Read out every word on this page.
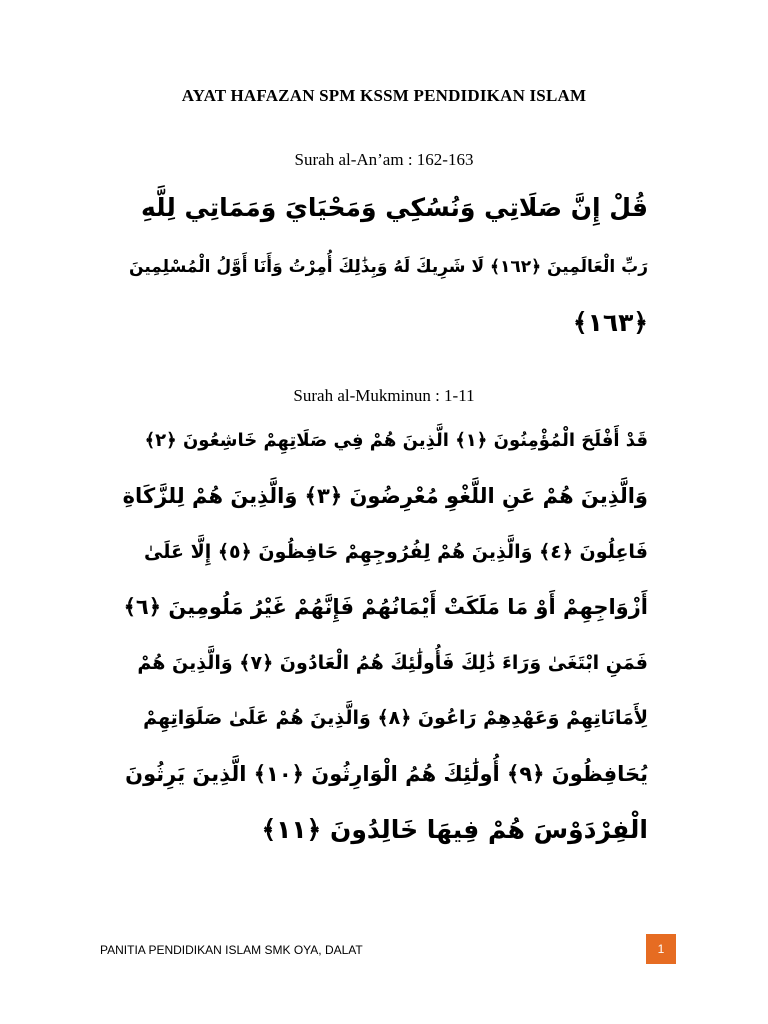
AYAT HAFAZAN SPM KSSM PENDIDIKAN ISLAM
Surah al-An’am : 162-163
قُلْ إِنَّ صَلَاتِي وَنُسُكِي وَمَحْيَايَ وَمَمَاتِي لِلَّهِ
رَبِّ الْعَالَمِينَ ﴿١٦٢﴾ لَا شَرِيكَ لَهُ وَبِذَٰلِكَ أُمِرْتُ وَأَنَا أَوَّلُ الْمُسْلِمِينَ
﴿١٦٣﴾
Surah al-Mukminun : 1-11
قَدْ أَفْلَحَ الْمُؤْمِنُونَ ﴿١﴾ الَّذِينَ هُمْ فِي صَلَاتِهِمْ خَاشِعُونَ ﴿٢﴾
وَالَّذِينَ هُمْ عَنِ اللَّغْوِ مُعْرِضُونَ ﴿٣﴾ وَالَّذِينَ هُمْ لِلزَّكَاةِ
فَاعِلُونَ ﴿٤﴾ وَالَّذِينَ هُمْ لِفُرُوجِهِمْ حَافِظُونَ ﴿٥﴾ إِلَّا عَلَىٰ
أَزْوَاجِهِمْ أَوْ مَا مَلَكَتْ أَيْمَانُهُمْ فَإِنَّهُمْ غَيْرُ مَلُومِينَ ﴿٦﴾
فَمَنِ ابْتَغَىٰ وَرَاءَ ذَٰلِكَ فَأُولَٰئِكَ هُمُ الْعَادُونَ ﴿٧﴾ وَالَّذِينَ هُمْ
لِأَمَانَاتِهِمْ وَعَهْدِهِمْ رَاعُونَ ﴿٨﴾ وَالَّذِينَ هُمْ عَلَىٰ صَلَوَاتِهِمْ
يُحَافِظُونَ ﴿٩﴾ أُولَٰئِكَ هُمُ الْوَارِثُونَ ﴿١٠﴾ الَّذِينَ يَرِثُونَ
الْفِرْدَوْسَ هُمْ فِيهَا خَالِدُونَ ﴿١١﴾
PANITIA PENDIDIKAN ISLAM SMK OYA, DALAT	1
